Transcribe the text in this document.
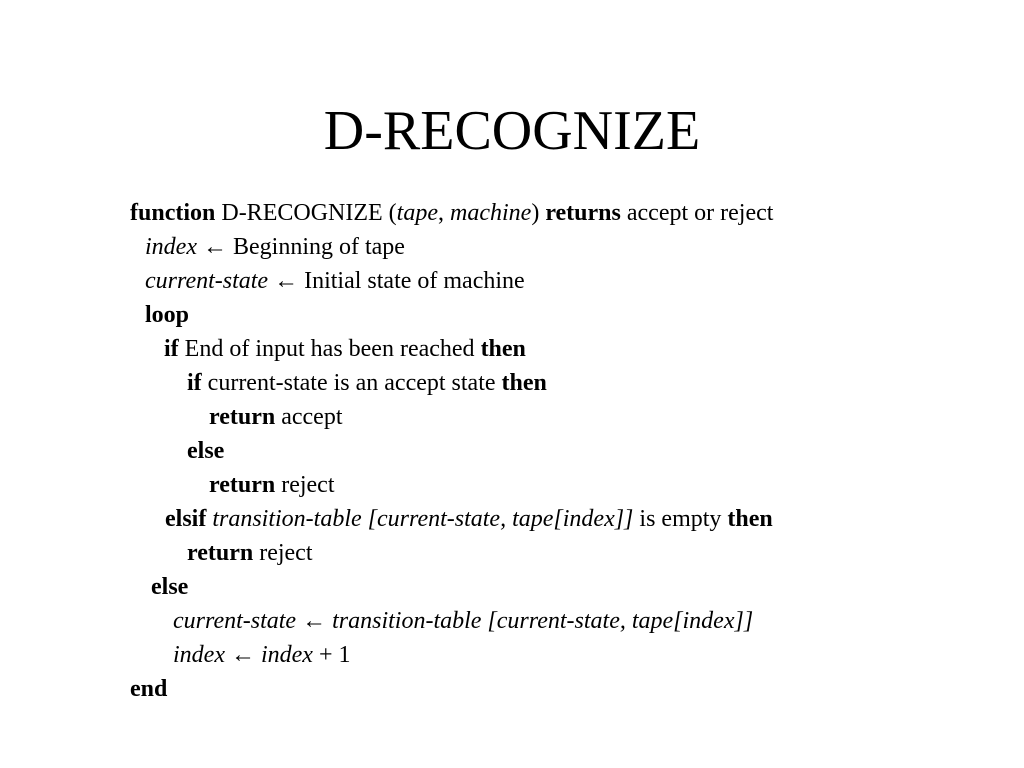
D-RECOGNIZE
function D-RECOGNIZE (tape, machine) returns accept or reject
index ← Beginning of tape
current-state ← Initial state of machine
loop
if End of input has been reached then
if current-state is an accept state then
return accept
else
return reject
elsif transition-table [current-state, tape[index]] is empty then
return reject
else
current-state ← transition-table [current-state, tape[index]]
index ← index + 1
end
